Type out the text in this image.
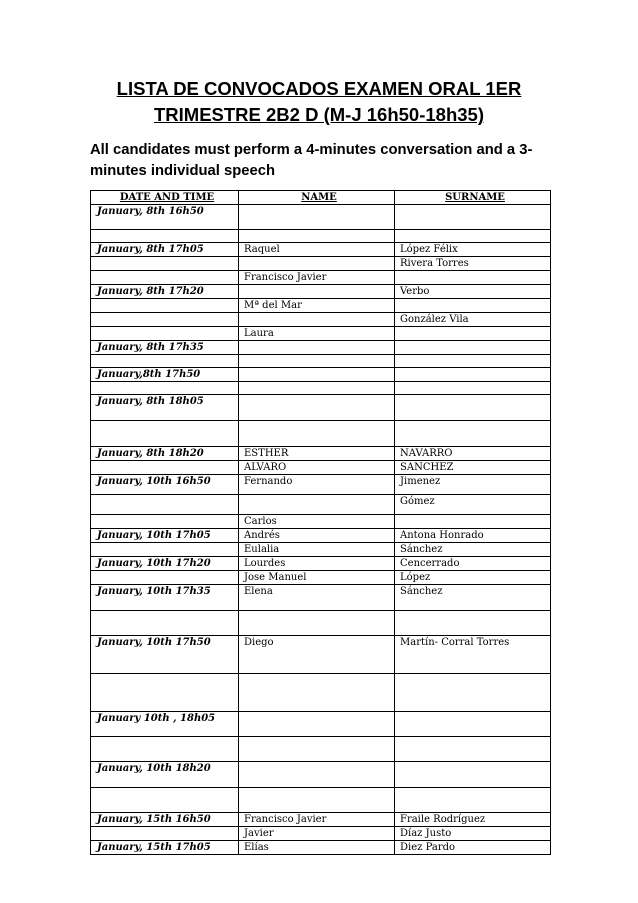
LISTA DE CONVOCADOS EXAMEN ORAL 1ER
TRIMESTRE 2B2 D (M-J 16h50-18h35)

All candidates must perform a 4-minutes conversation and a 3-minutes individual speech

DATE AND TIME	NAME	SURNAME
January, 8th 16h50		

January, 8th 17h05	Raquel	López Félix
		Rivera Torres
	Francisco Javier	
January, 8th 17h20		Verbo
	Mª del Mar	
		González Vila
	Laura	
January, 8th 17h35		

January,8th 17h50		

January, 8th 18h05		

January, 8th 18h20	ESTHER	NAVARRO
	ALVARO	SANCHEZ
January, 10th 16h50	Fernando	Jimenez
		Gómez
	Carlos	
January, 10th 17h05	Andrés	Antona Honrado
	Eulalia	Sánchez
January, 10th 17h20	Lourdes	Cencerrado
	Jose Manuel	López
January, 10th 17h35	Elena	Sánchez

January, 10th 17h50	Diego	Martín- Corral Torres

January 10th , 18h05		

January, 10th 18h20		

January, 15th 16h50	Francisco Javier	Fraile Rodríguez
	Javier	Díaz Justo
January, 15th 17h05	Elías	Diez Pardo
